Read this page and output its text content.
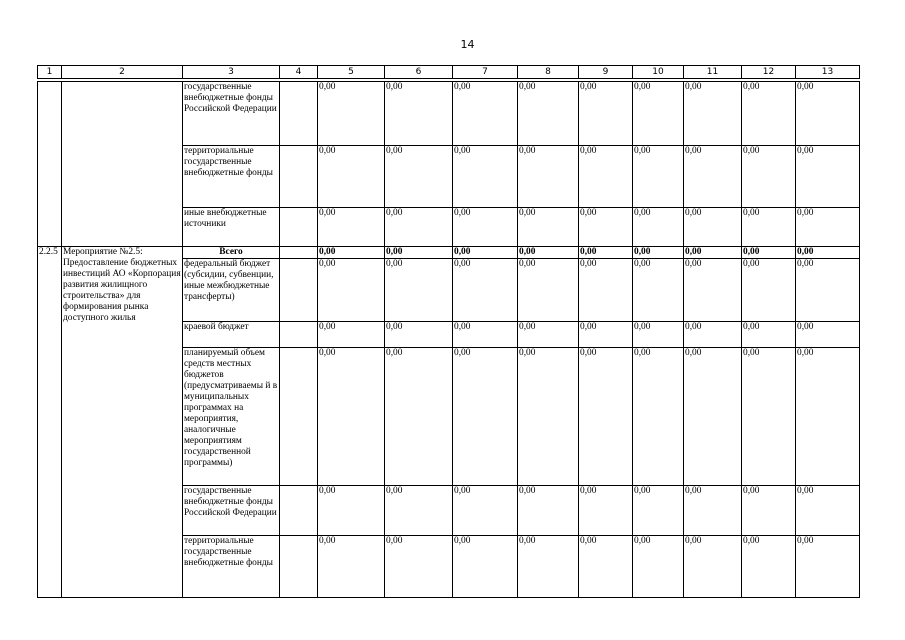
14
1	2	3	4	5	6	7	8	9	10	11	12	13
		государственные внебюджетные фонды Российской Федерации		0,00	0,00	0,00	0,00	0,00	0,00	0,00	0,00	0,00
		территориальные государственные внебюджетные фонды		0,00	0,00	0,00	0,00	0,00	0,00	0,00	0,00	0,00
		иные внебюджетные источники		0,00	0,00	0,00	0,00	0,00	0,00	0,00	0,00	0,00
2.2.5	Мероприятие №2.5: Предоставление бюджетных инвестиций АО «Корпорация развития жилищного строительства» для формирования рынка доступного жилья	Всего		0,00	0,00	0,00	0,00	0,00	0,00	0,00	0,00	0,00
		федеральный бюджет (субсидии, субвенции, иные межбюджетные трансферты)		0,00	0,00	0,00	0,00	0,00	0,00	0,00	0,00	0,00
		краевой бюджет		0,00	0,00	0,00	0,00	0,00	0,00	0,00	0,00	0,00
		планируемый объем средств местных бюджетов (предусматриваемы й в муниципальных программах на мероприятия, аналогичные мероприятиям государственной программы)		0,00	0,00	0,00	0,00	0,00	0,00	0,00	0,00	0,00
		государственные внебюджетные фонды Российской Федерации		0,00	0,00	0,00	0,00	0,00	0,00	0,00	0,00	0,00
		территориальные государственные внебюджетные фонды		0,00	0,00	0,00	0,00	0,00	0,00	0,00	0,00	0,00
